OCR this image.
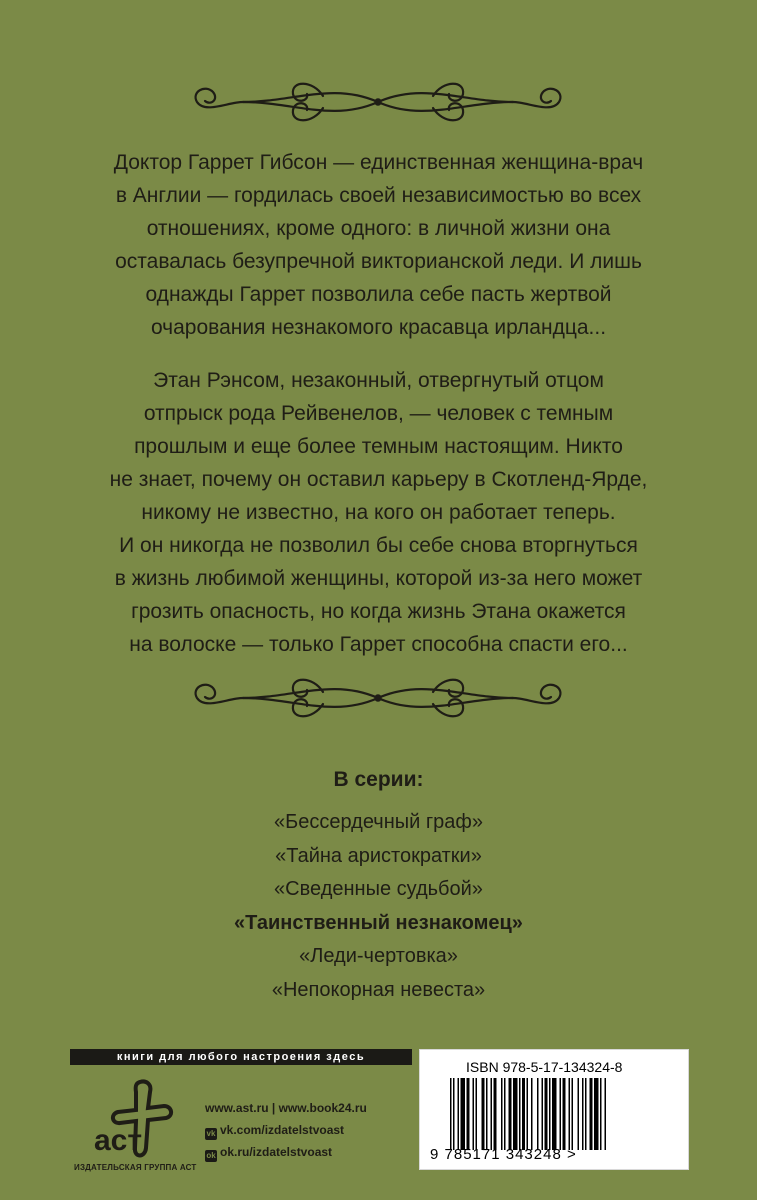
Доктор Гаррет Гибсон — единственная женщина-врач
в Англии — гордилась своей независимостью во всех
отношениях, кроме одного: в личной жизни она
оставалась безупречной викторианской леди. И лишь
однажды Гаррет позволила себе пасть жертвой
очарования незнакомого красавца ирландца...

Этан Рэнсом, незаконный, отвергнутый отцом
отпрыск рода Рейвенелов, — человек с темным
прошлым и еще более темным настоящим. Никто
не знает, почему он оставил карьеру в Скотленд-Ярде,
никому не известно, на кого он работает теперь.
И он никогда не позволил бы себе снова вторгнуться
в жизнь любимой женщины, которой из-за него может
грозить опасность, но когда жизнь Этана окажется
на волоске — только Гаррет способна спасти его...

В серии:
«Бессердечный граф»
«Тайна аристократки»
«Сведенные судьбой»
«Таинственный незнакомец»
«Леди-чертовка»
«Непокорная невеста»
книги для любого настроения здесь
аст
ИЗДАТЕЛЬСКАЯ ГРУППА АСТ
www.ast.ru | www.book24.ru
vk vk.com/izdatelstvoast
ok ok.ru/izdatelstvoast
ISBN 978-5-17-134324-8
9 785171 343248 >
